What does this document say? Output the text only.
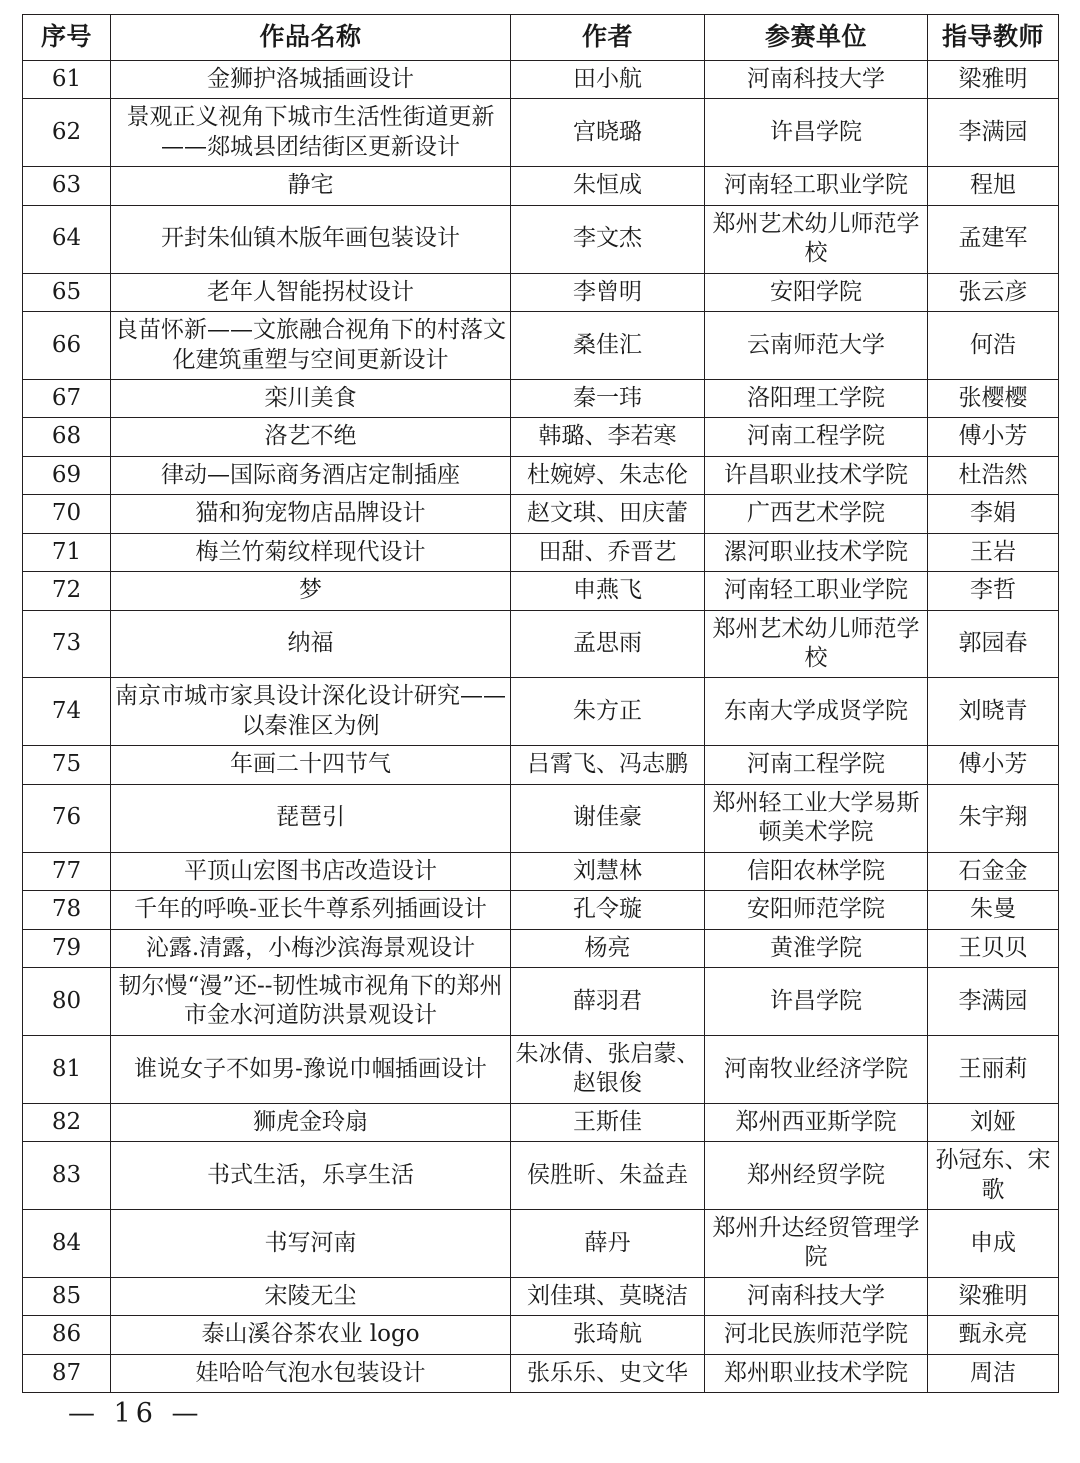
序号	作品名称	作者	参赛单位	指导教师
61	金狮护洛城插画设计	田小航	河南科技大学	梁雅明
62	景观正义视角下城市生活性街道更新——郯城县团结街区更新设计	宫晓璐	许昌学院	李满园
63	静宅	朱恒成	河南轻工职业学院	程旭
64	开封朱仙镇木版年画包装设计	李文杰	郑州艺术幼儿师范学校	孟建军
65	老年人智能拐杖设计	李曾明	安阳学院	张云彦
66	良苗怀新——文旅融合视角下的村落文化建筑重塑与空间更新设计	桑佳汇	云南师范大学	何浩
67	栾川美食	秦一玮	洛阳理工学院	张樱樱
68	洛艺不绝	韩璐、李若寒	河南工程学院	傅小芳
69	律动—国际商务酒店定制插座	杜婉婷、朱志伦	许昌职业技术学院	杜浩然
70	猫和狗宠物店品牌设计	赵文琪、田庆蕾	广西艺术学院	李娟
71	梅兰竹菊纹样现代设计	田甜、乔晋艺	漯河职业技术学院	王岩
72	梦	申燕飞	河南轻工职业学院	李哲
73	纳福	孟思雨	郑州艺术幼儿师范学校	郭园春
74	南京市城市家具设计深化设计研究——以秦淮区为例	朱方正	东南大学成贤学院	刘晓青
75	年画二十四节气	吕霄飞、冯志鹏	河南工程学院	傅小芳
76	琵琶引	谢佳豪	郑州轻工业大学易斯顿美术学院	朱宇翔
77	平顶山宏图书店改造设计	刘慧林	信阳农林学院	石金金
78	千年的呼唤-亚长牛尊系列插画设计	孔令璇	安阳师范学院	朱曼
79	沁露.清露，小梅沙滨海景观设计	杨亮	黄淮学院	王贝贝
80	韧尔慢“漫”还--韧性城市视角下的郑州市金水河道防洪景观设计	薛羽君	许昌学院	李满园
81	谁说女子不如男-豫说巾帼插画设计	朱冰倩、张启蒙、赵银俊	河南牧业经济学院	王丽莉
82	狮虎金玲扇	王斯佳	郑州西亚斯学院	刘娅
83	书式生活，乐享生活	侯胜昕、朱益垚	郑州经贸学院	孙冠东、宋歌
84	书写河南	薛丹	郑州升达经贸管理学院	申成
85	宋陵无尘	刘佳琪、莫晓洁	河南科技大学	梁雅明
86	泰山溪谷茶农业 logo	张琦航	河北民族师范学院	甄永亮
87	娃哈哈气泡水包装设计	张乐乐、史文华	郑州职业技术学院	周洁
— 16 —
